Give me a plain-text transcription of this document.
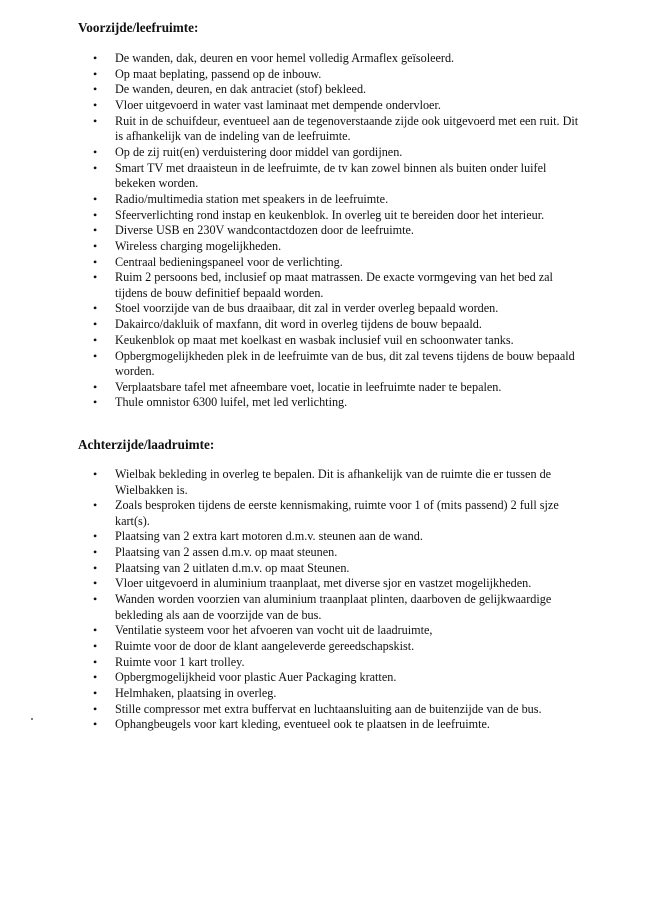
Voorzijde/leefruimte:
• De wanden, dak, deuren en voor hemel volledig Armaflex geïsoleerd.
• Op maat beplating, passend op de inbouw.
• De wanden, deuren, en dak antraciet (stof) bekleed.
• Vloer uitgevoerd in water vast laminaat met dempende ondervloer.
• Ruit in de schuifdeur, eventueel aan de tegenoverstaande zijde ook uitgevoerd met een ruit. Dit is afhankelijk van de indeling van de leefruimte.
• Op de zij ruit(en) verduistering door middel van gordijnen.
• Smart TV met draaisteun in de leefruimte, de tv kan zowel binnen als buiten onder luifel bekeken worden.
• Radio/multimedia station met speakers in de leefruimte.
• Sfeerverlichting rond instap en keukenblok. In overleg uit te bereiden door het interieur.
• Diverse USB en 230V wandcontactdozen door de leefruimte.
• Wireless charging mogelijkheden.
• Centraal bedieningspaneel voor de verlichting.
• Ruim 2 persoons bed, inclusief op maat matrassen. De exacte vormgeving van het bed zal tijdens de bouw definitief bepaald worden.
• Stoel voorzijde van de bus draaibaar, dit zal in verder overleg bepaald worden.
• Dakairco/dakluik of maxfann, dit word in overleg tijdens de bouw bepaald.
• Keukenblok op maat met koelkast en wasbak inclusief vuil en schoonwater tanks.
• Opbergmogelijkheden plek in de leefruimte van de bus, dit zal tevens tijdens de bouw bepaald worden.
• Verplaatsbare tafel met afneembare voet, locatie in leefruimte nader te bepalen.
• Thule omnistor 6300 luifel, met led verlichting.
Achterzijde/laadruimte:
• Wielbak bekleding in overleg te bepalen. Dit is afhankelijk van de ruimte die er tussen de Wielbakken is.
• Zoals besproken tijdens de eerste kennismaking, ruimte voor 1 of (mits passend) 2 full sjze kart(s).
• Plaatsing van 2 extra kart motoren d.m.v. steunen aan de wand.
• Plaatsing van 2 assen d.m.v. op maat steunen.
• Plaatsing van 2 uitlaten d.m.v. op maat Steunen.
• Vloer uitgevoerd in aluminium traanplaat, met diverse sjor en vastzet mogelijkheden.
• Wanden worden voorzien van aluminium traanplaat plinten, daarboven de gelijkwaardige bekleding als aan de voorzijde van de bus.
• Ventilatie systeem voor het afvoeren van vocht uit de laadruimte,
• Ruimte voor de door de klant aangeleverde gereedschapskist.
• Ruimte voor 1 kart trolley.
• Opbergmogelijkheid voor plastic Auer Packaging kratten.
• Helmhaken, plaatsing in overleg.
• Stille compressor met extra buffervat en luchtaansluiting aan de buitenzijde van de bus.
• Ophangbeugels voor kart kleding, eventueel ook te plaatsen in de leefruimte.
